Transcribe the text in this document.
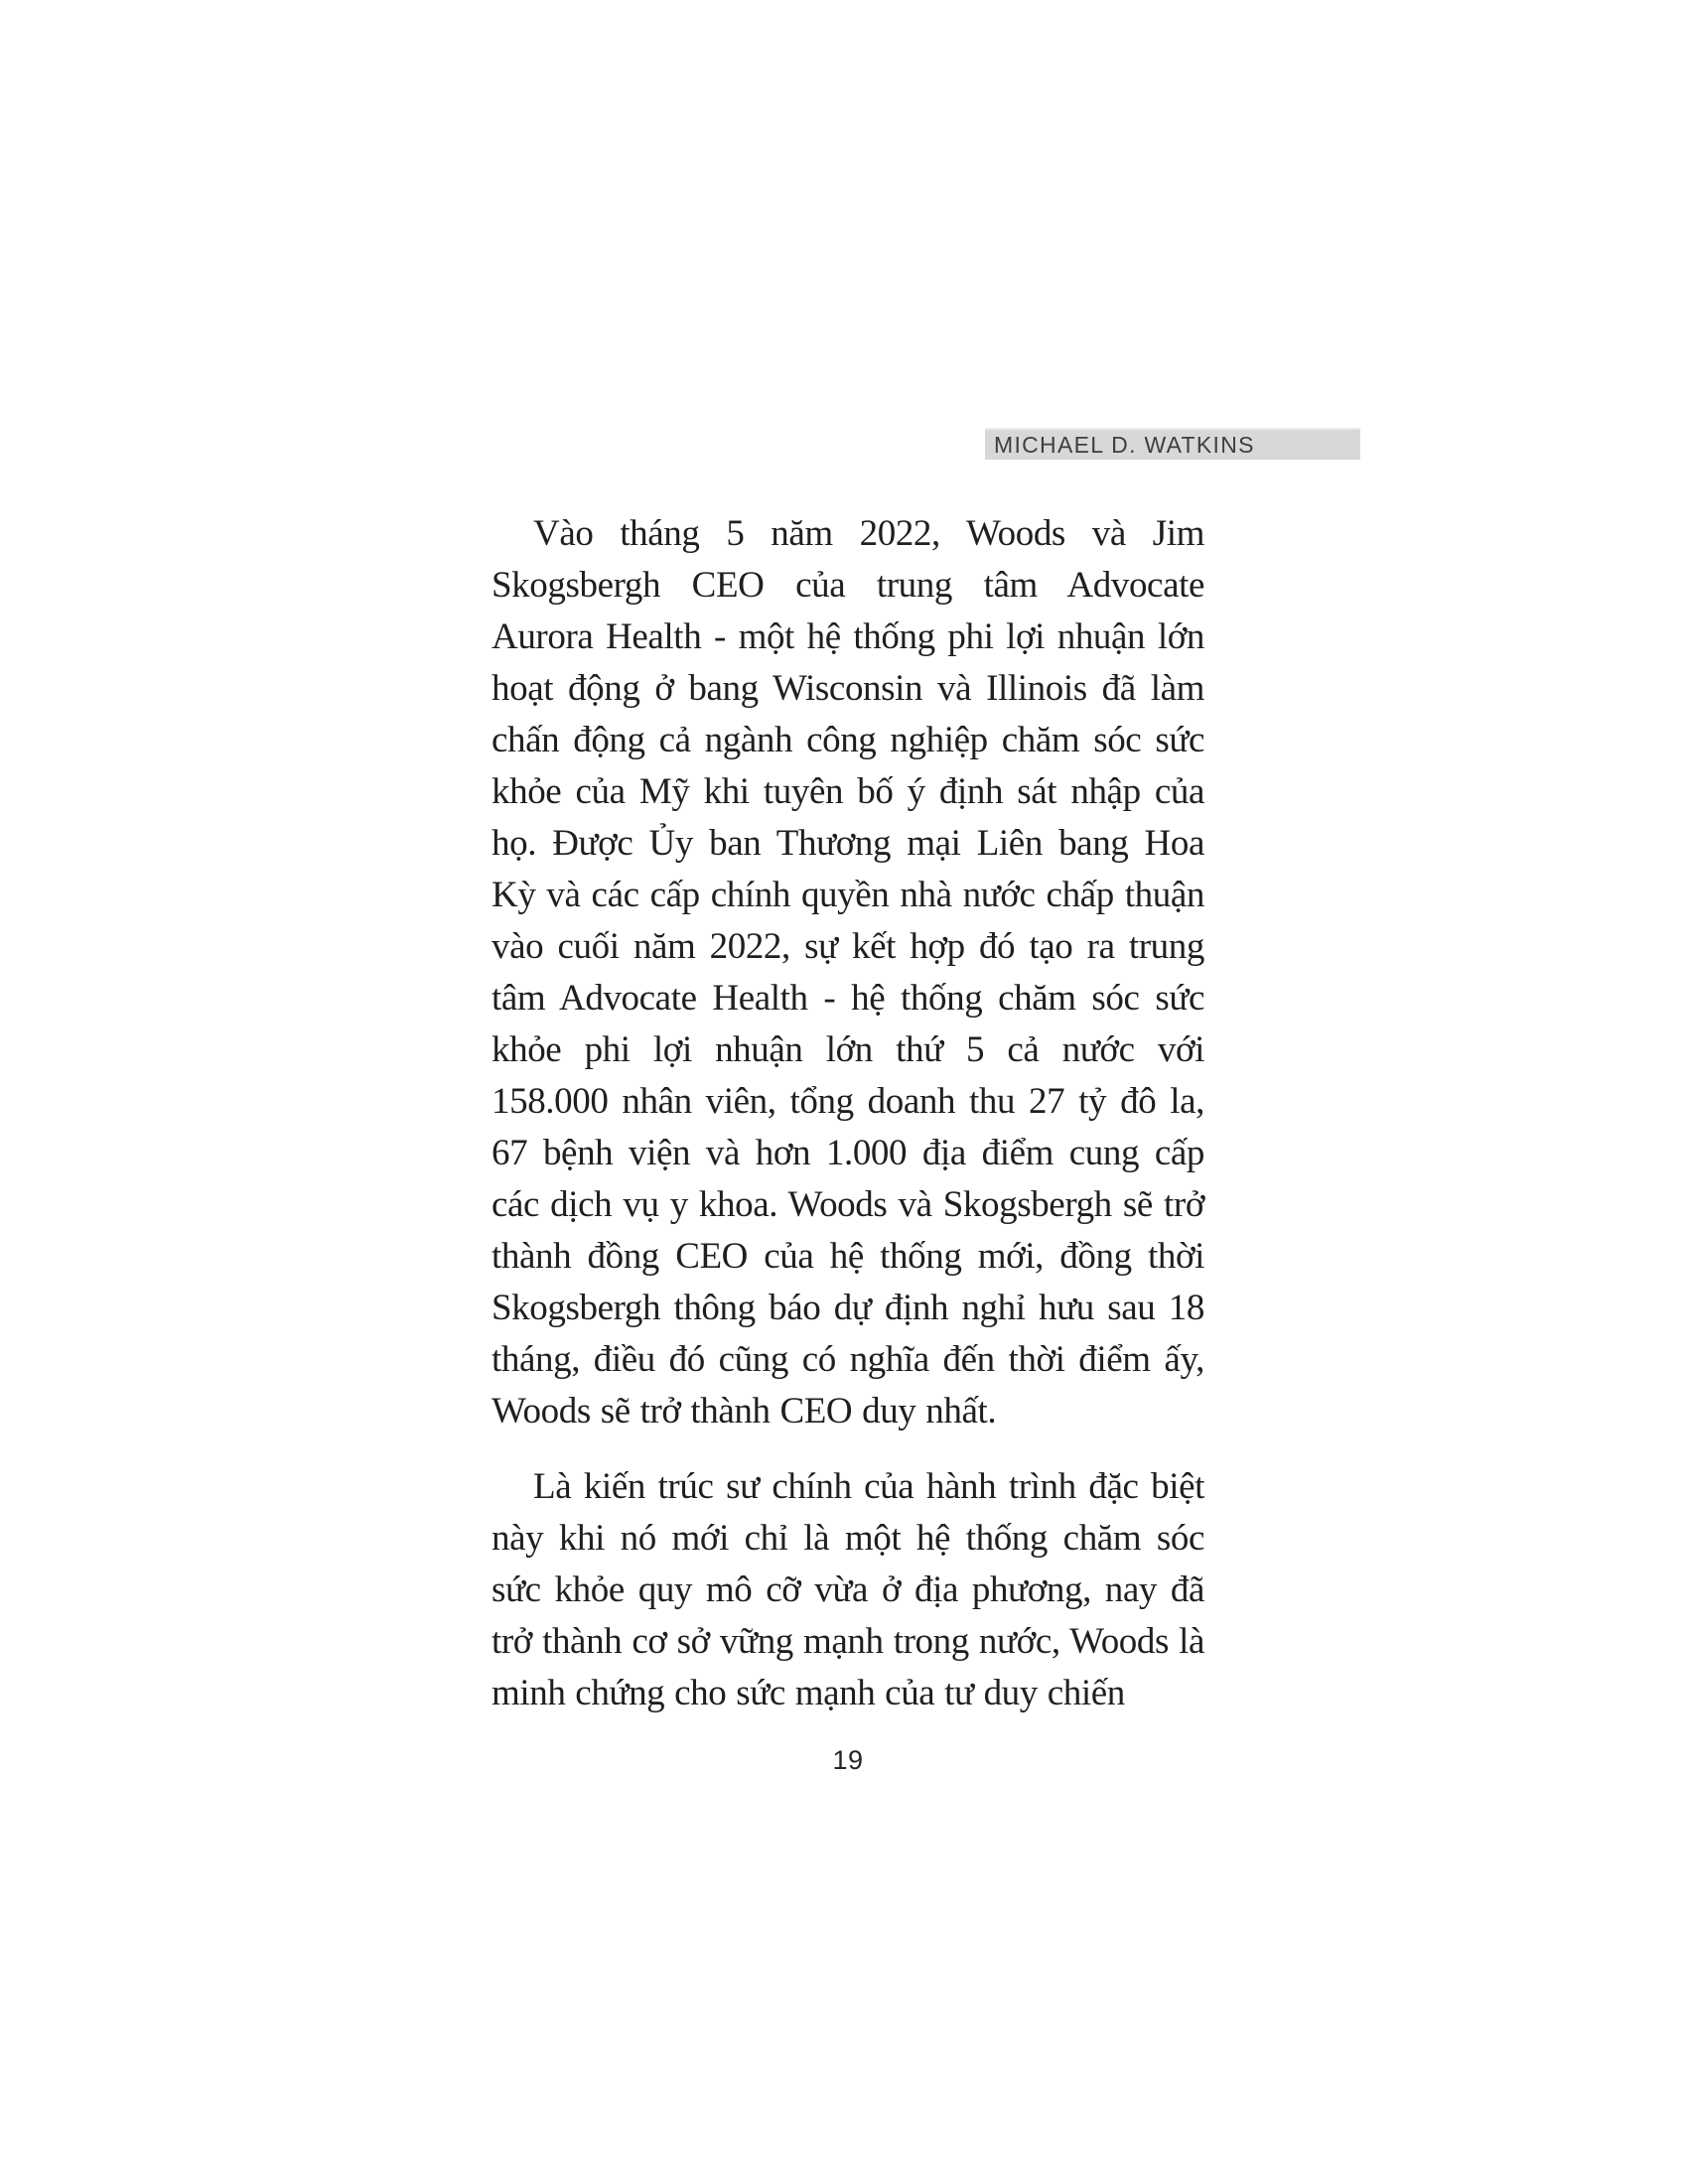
MICHAEL D. WATKINS

Vào tháng 5 năm 2022, Woods và Jim Skogsbergh CEO của trung tâm Advocate Aurora Health - một hệ thống phi lợi nhuận lớn hoạt động ở bang Wisconsin và Illinois đã làm chấn động cả ngành công nghiệp chăm sóc sức khỏe của Mỹ khi tuyên bố ý định sát nhập của họ. Được Ủy ban Thương mại Liên bang Hoa Kỳ và các cấp chính quyền nhà nước chấp thuận vào cuối năm 2022, sự kết hợp đó tạo ra trung tâm Advocate Health - hệ thống chăm sóc sức khỏe phi lợi nhuận lớn thứ 5 cả nước với 158.000 nhân viên, tổng doanh thu 27 tỷ đô la, 67 bệnh viện và hơn 1.000 địa điểm cung cấp các dịch vụ y khoa. Woods và Skogsbergh sẽ trở thành đồng CEO của hệ thống mới, đồng thời Skogsbergh thông báo dự định nghỉ hưu sau 18 tháng, điều đó cũng có nghĩa đến thời điểm ấy, Woods sẽ trở thành CEO duy nhất.

Là kiến trúc sư chính của hành trình đặc biệt này khi nó mới chỉ là một hệ thống chăm sóc sức khỏe quy mô cỡ vừa ở địa phương, nay đã trở thành cơ sở vững mạnh trong nước, Woods là minh chứng cho sức mạnh của tư duy chiến

19
